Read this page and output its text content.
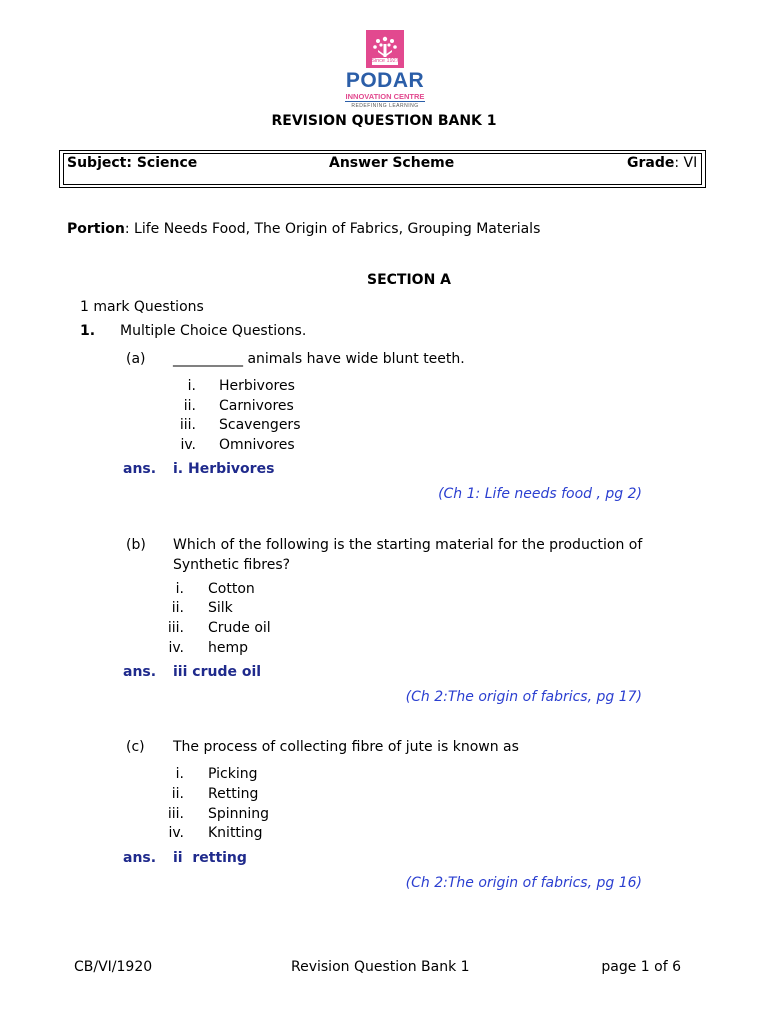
Since 1927
PODAR
INNOVATION CENTRE
REDEFINING LEARNING
REVISION QUESTION BANK 1
Subject: Science	Answer Scheme	Grade: VI
Portion: Life Needs Food, The Origin of Fabrics, Grouping Materials
SECTION A
1 mark Questions
1. Multiple Choice Questions.
(a) __________ animals have wide blunt teeth.
i. Herbivores
ii. Carnivores
iii. Scavengers
iv. Omnivores
ans. i. Herbivores
(Ch 1: Life needs food , pg 2)
(b) Which of the following is the starting material for the production of
Synthetic fibres?
i. Cotton
ii. Silk
iii. Crude oil
iv. hemp
ans. iii crude oil
(Ch 2:The origin of fabrics, pg 17)
(c) The process of collecting fibre of jute is known as
i. Picking
ii. Retting
iii. Spinning
iv. Knitting
ans. ii  retting
(Ch 2:The origin of fabrics, pg 16)
CB/VI/1920	Revision Question Bank 1	page 1 of 6
